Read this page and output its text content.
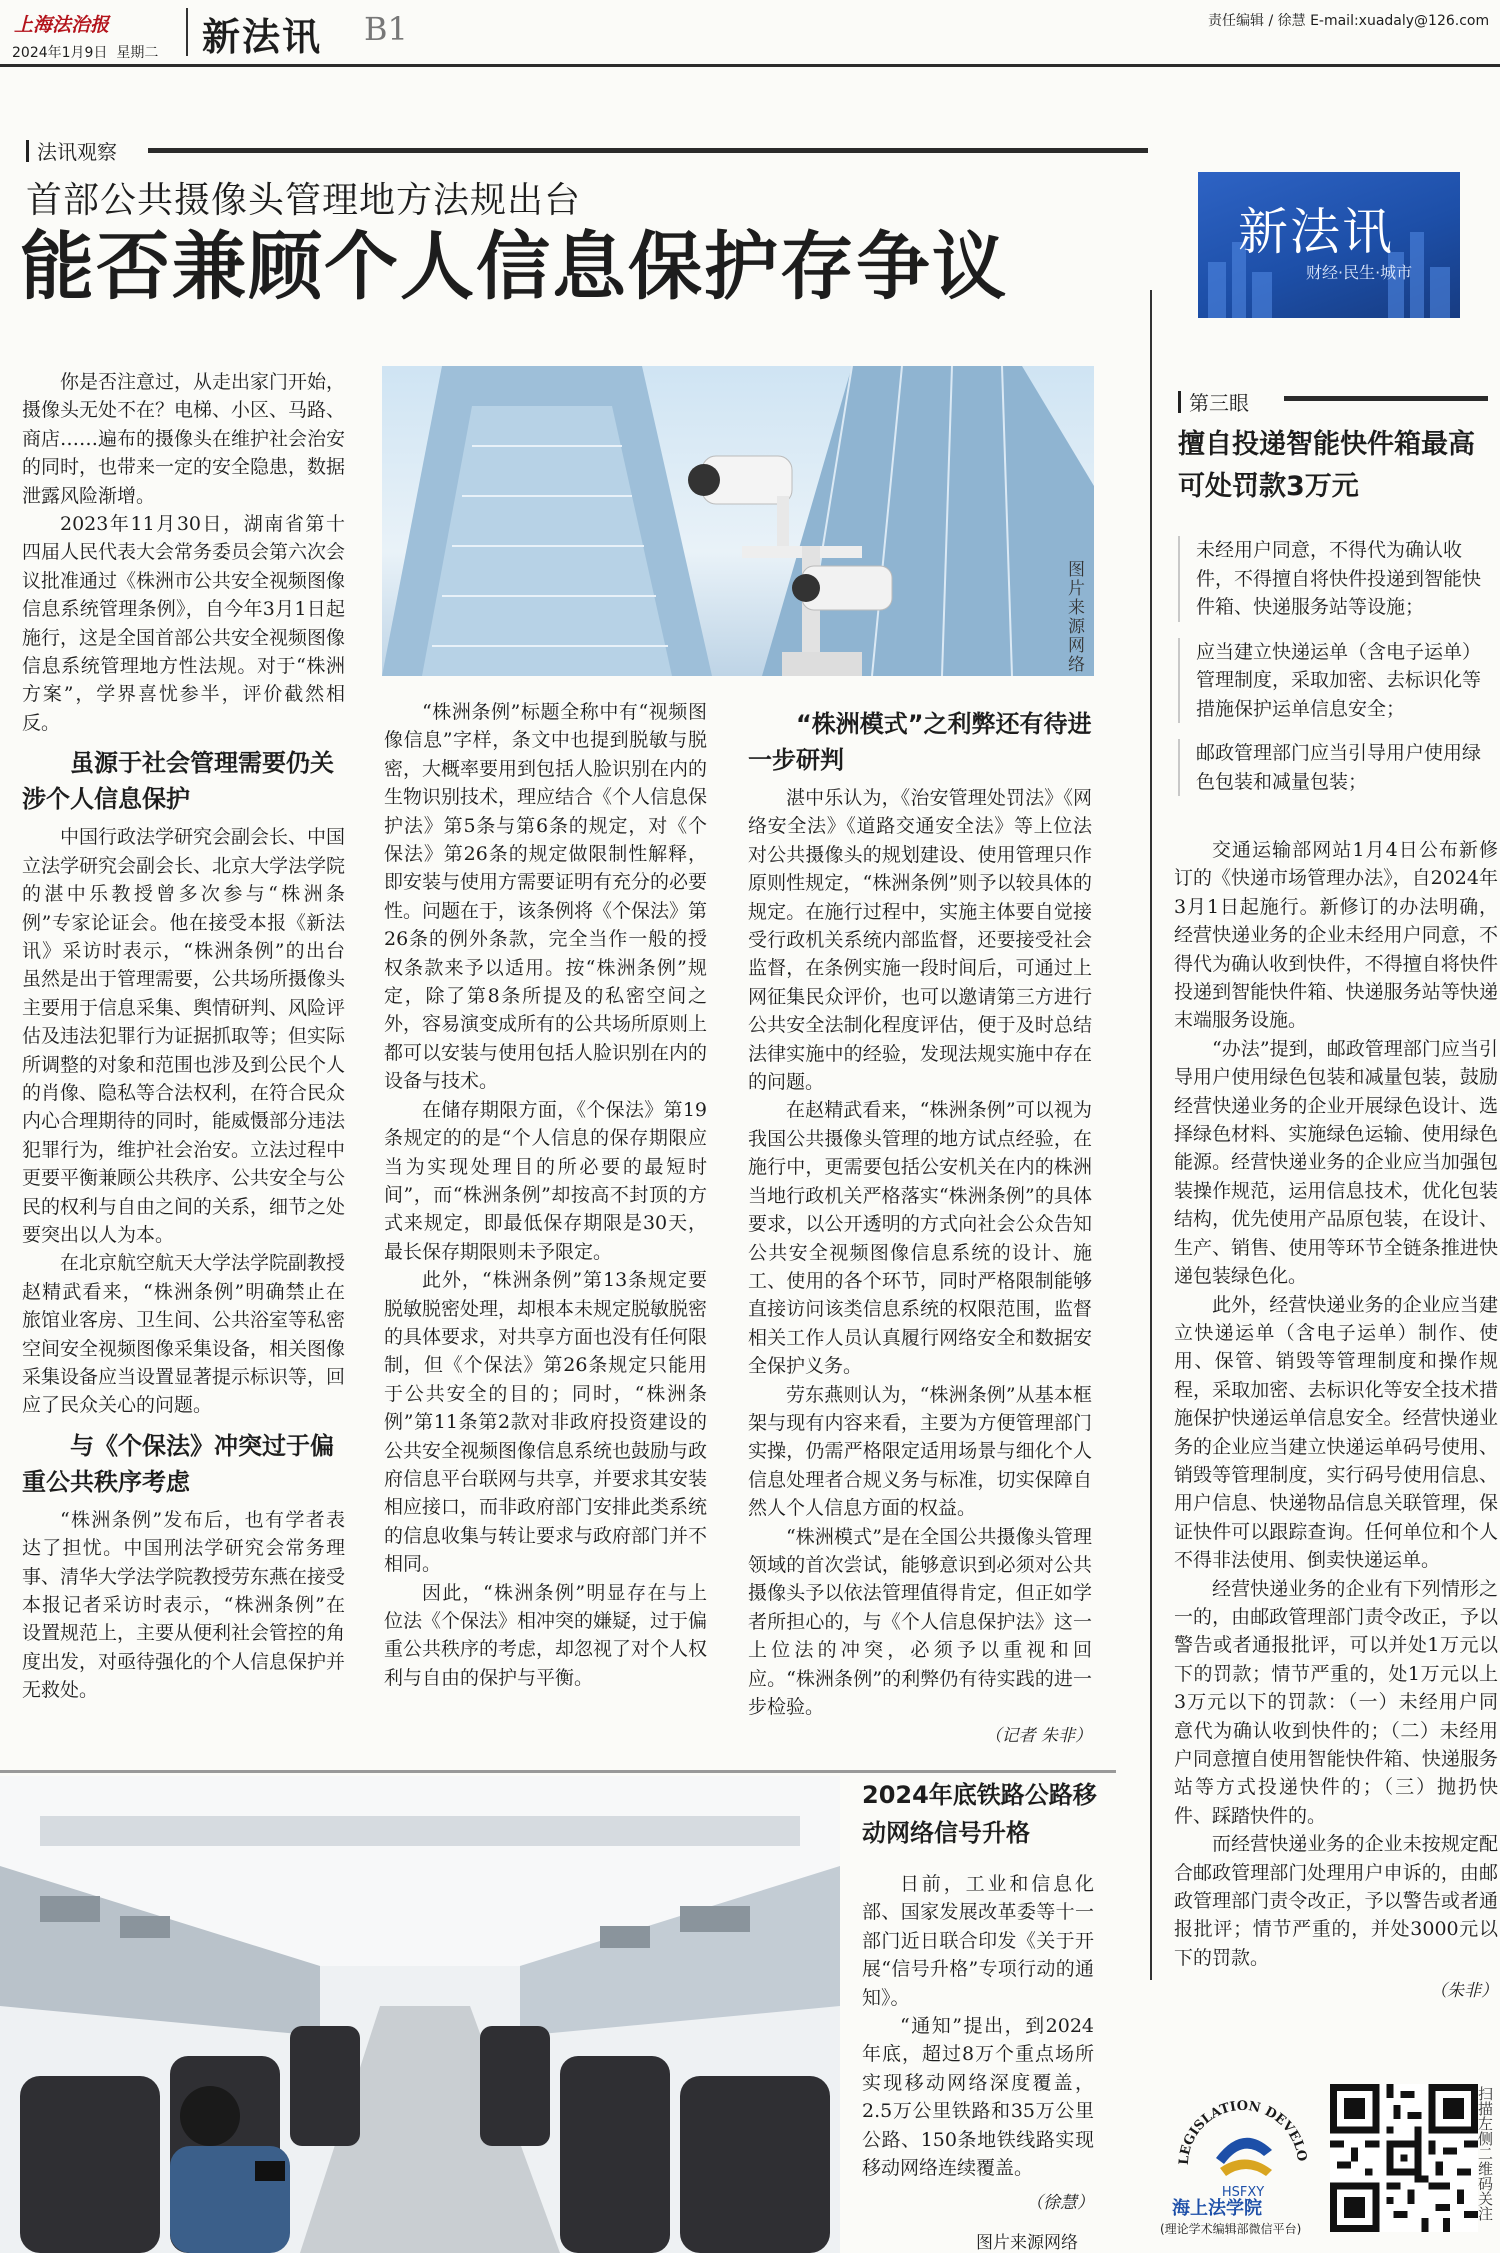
上海法治报
2024年1月9日  星期二 新法讯 B1	责任编辑 / 徐慧 E-mail:xuadaly@126.com
法讯观察
首部公共摄像头管理地方法规出台
能否兼顾个人信息保护存争议
图片来源网络

你是否注意过，从走出家门开始，摄像头无处不在？电梯、小区、马路、商店……遍布的摄像头在维护社会治安的同时，也带来一定的安全隐患，数据泄露风险渐增。

2023年11月30日，湖南省第十四届人民代表大会常务委员会第六次会议批准通过《株洲市公共安全视频图像信息系统管理条例》，自今年3月1日起施行，这是全国首部公共安全视频图像信息系统管理地方性法规。对于“株洲方案”，学界喜忧参半，评价截然相反。

虽源于社会管理需要仍关涉个人信息保护

中国行政法学研究会副会长、中国立法学研究会副会长、北京大学法学院的湛中乐教授曾多次参与“株洲条例”专家论证会。他在接受本报《新法讯》采访时表示，“株洲条例”的出台虽然是出于管理需要，公共场所摄像头主要用于信息采集、舆情研判、风险评估及违法犯罪行为证据抓取等；但实际所调整的对象和范围也涉及到公民个人的肖像、隐私等合法权利，在符合民众内心合理期待的同时，能威慑部分违法犯罪行为，维护社会治安。立法过程中更要平衡兼顾公共秩序、公共安全与公民的权利与自由之间的关系，细节之处要突出以人为本。

在北京航空航天大学法学院副教授赵精武看来，“株洲条例”明确禁止在旅馆业客房、卫生间、公共浴室等私密空间安全视频图像采集设备，相关图像采集设备应当设置显著提示标识等，回应了民众关心的问题。

与《个保法》冲突过于偏重公共秩序考虑

“株洲条例”发布后，也有学者表达了担忧。中国刑法学研究会常务理事、清华大学法学院教授劳东燕在接受本报记者采访时表示，“株洲条例”在设置规范上，主要从便利社会管控的角度出发，对亟待强化的个人信息保护并无救处。

“株洲条例”标题全称中有“视频图像信息”字样，条文中也提到脱敏与脱密，大概率要用到包括人脸识别在内的生物识别技术，理应结合《个人信息保护法》第5条与第6条的规定，对《个保法》第26条的规定做限制性解释，即安装与使用方需要证明有充分的必要性。问题在于，该条例将《个保法》第26条的例外条款，完全当作一般的授权条款来予以适用。按“株洲条例”规定，除了第8条所提及的私密空间之外，容易演变成所有的公共场所原则上都可以安装与使用包括人脸识别在内的设备与技术。

在储存期限方面，《个保法》第19条规定的的是“个人信息的保存期限应当为实现处理目的所必要的最短时间”，而“株洲条例”却按高不封顶的方式来规定，即最低保存期限是30天，最长保存期限则未予限定。

此外，“株洲条例”第13条规定要脱敏脱密处理，却根本未规定脱敏脱密的具体要求，对共享方面也没有任何限制，但《个保法》第26条规定只能用于公共安全的目的；同时，“株洲条例”第11条第2款对非政府投资建设的公共安全视频图像信息系统也鼓励与政府信息平台联网与共享，并要求其安装相应接口，而非政府部门安排此类系统的信息收集与转让要求与政府部门并不相同。

因此，“株洲条例”明显存在与上位法《个保法》相冲突的嫌疑，过于偏重公共秩序的考虑，却忽视了对个人权利与自由的保护与平衡。

“株洲模式”之利弊还有待进一步研判

湛中乐认为，《治安管理处罚法》《网络安全法》《道路交通安全法》等上位法对公共摄像头的规划建设、使用管理只作原则性规定，“株洲条例”则予以较具体的规定。在施行过程中，实施主体要自觉接受行政机关系统内部监督，还要接受社会监督，在条例实施一段时间后，可通过上网征集民众评价，也可以邀请第三方进行公共安全法制化程度评估，便于及时总结法律实施中的经验，发现法规实施中存在的问题。

在赵精武看来，“株洲条例”可以视为我国公共摄像头管理的地方试点经验，在施行中，更需要包括公安机关在内的株洲当地行政机关严格落实“株洲条例”的具体要求，以公开透明的方式向社会公众告知公共安全视频图像信息系统的设计、施工、使用的各个环节，同时严格限制能够直接访问该类信息系统的权限范围，监督相关工作人员认真履行网络安全和数据安全保护义务。

劳东燕则认为，“株洲条例”从基本框架与现有内容来看，主要为方便管理部门实操，仍需严格限定适用场景与细化个人信息处理者合规义务与标准，切实保障自然人个人信息方面的权益。

“株洲模式”是在全国公共摄像头管理领域的首次尝试，能够意识到必须对公共摄像头予以依法管理值得肯定，但正如学者所担心的，与《个人信息保护法》这一上位法的冲突，必须予以重视和回应。“株洲条例”的利弊仍有待实践的进一步检验。

（记者 朱非）
2024年底铁路公路移动网络信号升格

日前，工业和信息化部、国家发展改革委等十一部门近日联合印发《关于开展“信号升格”专项行动的通知》。

“通知”提出，到2024年底，超过8万个重点场所实现移动网络深度覆盖，2.5万公里铁路和35万公里公路、150条地铁线路实现移动网络连续覆盖。

（徐慧）
图片来源网络
新法讯
财经·民生·城市
第三眼
擅自投递智能快件箱最高可处罚款3万元
未经用户同意，不得代为确认收件，不得擅自将快件投递到智能快件箱、快递服务站等设施；
应当建立快递运单（含电子运单）管理制度，采取加密、去标识化等措施保护运单信息安全；
邮政管理部门应当引导用户使用绿色包装和减量包装；

交通运输部网站1月4日公布新修订的《快递市场管理办法》，自2024年3月1日起施行。新修订的办法明确，经营快递业务的企业未经用户同意，不得代为确认收到快件，不得擅自将快件投递到智能快件箱、快递服务站等快递末端服务设施。

“办法”提到，邮政管理部门应当引导用户使用绿色包装和减量包装，鼓励经营快递业务的企业开展绿色设计、选择绿色材料、实施绿色运输、使用绿色能源。经营快递业务的企业应当加强包装操作规范，运用信息技术，优化包装结构，优先使用产品原包装，在设计、生产、销售、使用等环节全链条推进快递包装绿色化。

此外，经营快递业务的企业应当建立快递运单（含电子运单）制作、使用、保管、销毁等管理制度和操作规程，采取加密、去标识化等安全技术措施保护快递运单信息安全。经营快递业务的企业应当建立快递运单码号使用、销毁等管理制度，实行码号使用信息、用户信息、快递物品信息关联管理，保证快件可以跟踪查询。任何单位和个人不得非法使用、倒卖快递运单。

经营快递业务的企业有下列情形之一的，由邮政管理部门责令改正，予以警告或者通报批评，可以并处1万元以下的罚款；情节严重的，处1万元以上3万元以下的罚款：（一）未经用户同意代为确认收到快件的；（二）未经用户同意擅自使用智能快件箱、快递服务站等方式投递快件的；（三）抛扔快件、踩踏快件的。

而经营快递业务的企业未按规定配合邮政管理部门处理用户申诉的，由邮政管理部门责令改正，予以警告或者通报批评；情节严重的，并处3000元以下的罚款。

（朱非）
LEGISLATION DEVELO
HSFXY
海上法学院
(理论学术编辑部微信平台)
扫描左侧二维码关注
